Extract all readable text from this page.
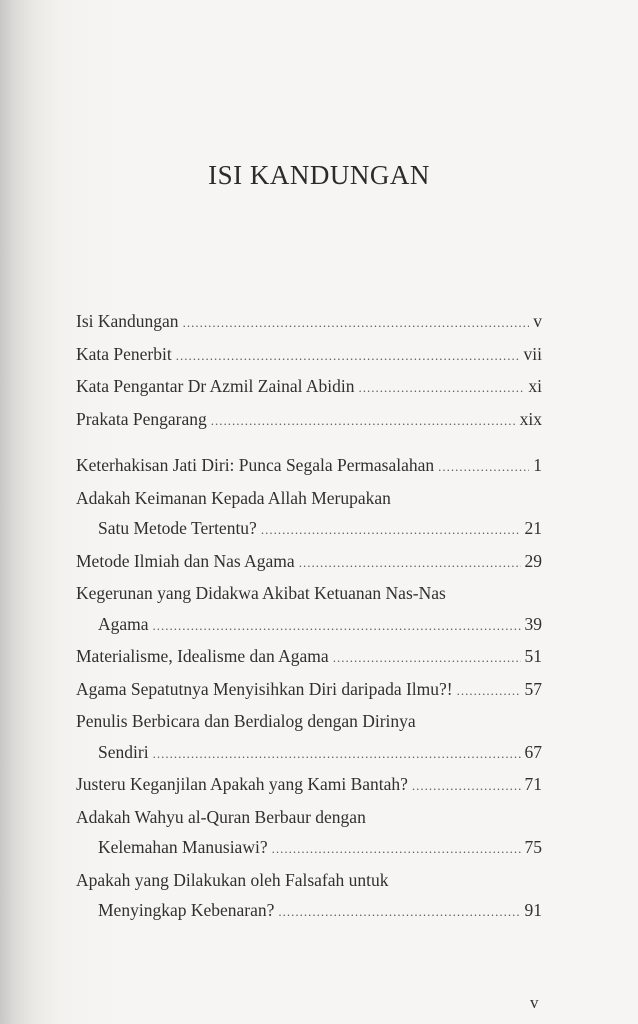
ISI KANDUNGAN
Isi Kandungan .....	v
Kata Penerbit .....	vii
Kata Pengantar Dr Azmil Zainal Abidin .....	xi
Prakata Pengarang .....	xix
Keterhakisan Jati Diri: Punca Segala Permasalahan .....	1
Adakah Keimanan Kepada Allah Merupakan
Satu Metode Tertentu? .....	21
Metode Ilmiah dan Nas Agama .....	29
Kegerunan yang Didakwa Akibat Ketuanan Nas-Nas
Agama .....	39
Materialisme, Idealisme dan Agama .....	51
Agama Sepatutnya Menyisihkan Diri daripada Ilmu?! .....	57
Penulis Berbicara dan Berdialog dengan Dirinya
Sendiri .....	67
Justeru Keganjilan Apakah yang Kami Bantah? .....	71
Adakah Wahyu al-Quran Berbaur dengan
Kelemahan Manusiawi? .....	75
Apakah yang Dilakukan oleh Falsafah untuk
Menyingkap Kebenaran? .....	91
v
